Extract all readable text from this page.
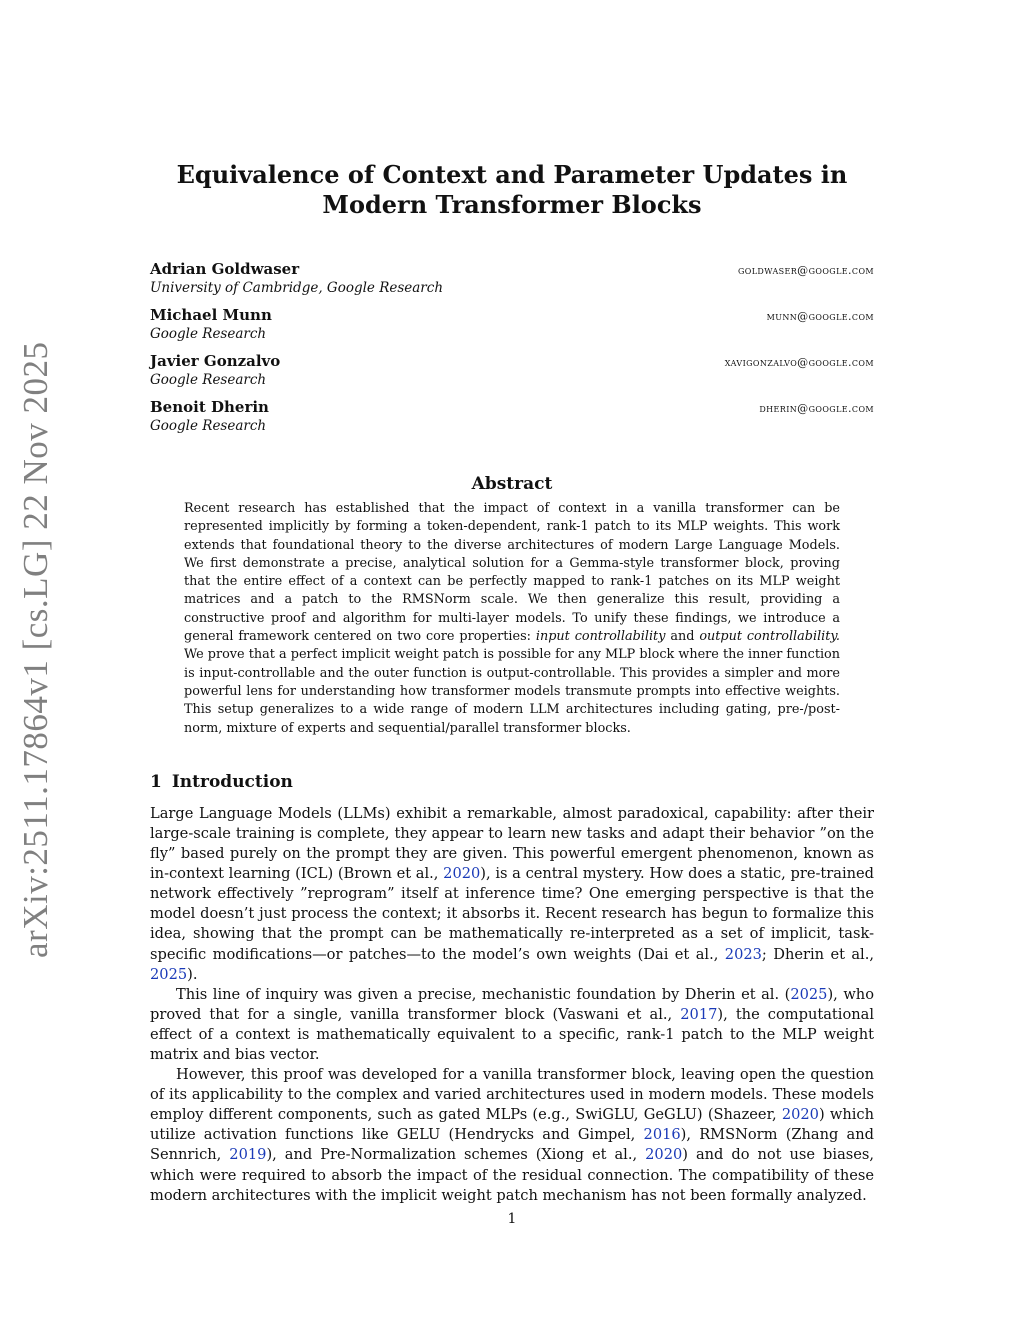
arXiv:2511.17864v1 [cs.LG] 22 Nov 2025
Equivalence of Context and Parameter Updates in Modern Transformer Blocks
Adrian Goldwaser	goldwaser@google.com
University of Cambridge, Google Research
Michael Munn	munn@google.com
Google Research
Javier Gonzalvo	xavigonzalvo@google.com
Google Research
Benoit Dherin	dherin@google.com
Google Research
Abstract

Recent research has established that the impact of context in a vanilla transformer can be represented implicitly by forming a token-dependent, rank-1 patch to its MLP weights. This work extends that foundational theory to the diverse architectures of modern Large Language Models. We first demonstrate a precise, analytical solution for a Gemma-style transformer block, proving that the entire effect of a context can be perfectly mapped to rank-1 patches on its MLP weight matrices and a patch to the RMSNorm scale. We then generalize this result, providing a constructive proof and algorithm for multi-layer models. To unify these findings, we introduce a general framework centered on two core properties: input controllability and output controllability. We prove that a perfect implicit weight patch is possible for any MLP block where the inner function is input-controllable and the outer function is output-controllable. This provides a simpler and more powerful lens for understanding how transformer models transmute prompts into effective weights. This setup generalizes to a wide range of modern LLM architectures including gating, pre-/post-norm, mixture of experts and sequential/parallel transformer blocks.

1 Introduction

Large Language Models (LLMs) exhibit a remarkable, almost paradoxical, capability: after their large-scale training is complete, they appear to learn new tasks and adapt their behavior ”on the fly” based purely on the prompt they are given. This powerful emergent phenomenon, known as in-context learning (ICL) (Brown et al., 2020), is a central mystery. How does a static, pre-trained network effectively ”reprogram” itself at inference time? One emerging perspective is that the model doesn’t just process the context; it absorbs it. Recent research has begun to formalize this idea, showing that the prompt can be mathematically re-interpreted as a set of implicit, task-specific modifications—or patches—to the model’s own weights (Dai et al., 2023; Dherin et al., 2025).

This line of inquiry was given a precise, mechanistic foundation by Dherin et al. (2025), who proved that for a single, vanilla transformer block (Vaswani et al., 2017), the computational effect of a context is mathematically equivalent to a specific, rank-1 patch to the MLP weight matrix and bias vector.

However, this proof was developed for a vanilla transformer block, leaving open the question of its applicability to the complex and varied architectures used in modern models. These models employ different components, such as gated MLPs (e.g., SwiGLU, GeGLU) (Shazeer, 2020) which utilize activation functions like GELU (Hendrycks and Gimpel, 2016), RMSNorm (Zhang and Sennrich, 2019), and Pre-Normalization schemes (Xiong et al., 2020) and do not use biases, which were required to absorb the impact of the residual connection. The compatibility of these modern architectures with the implicit weight patch mechanism has not been formally analyzed.

1
